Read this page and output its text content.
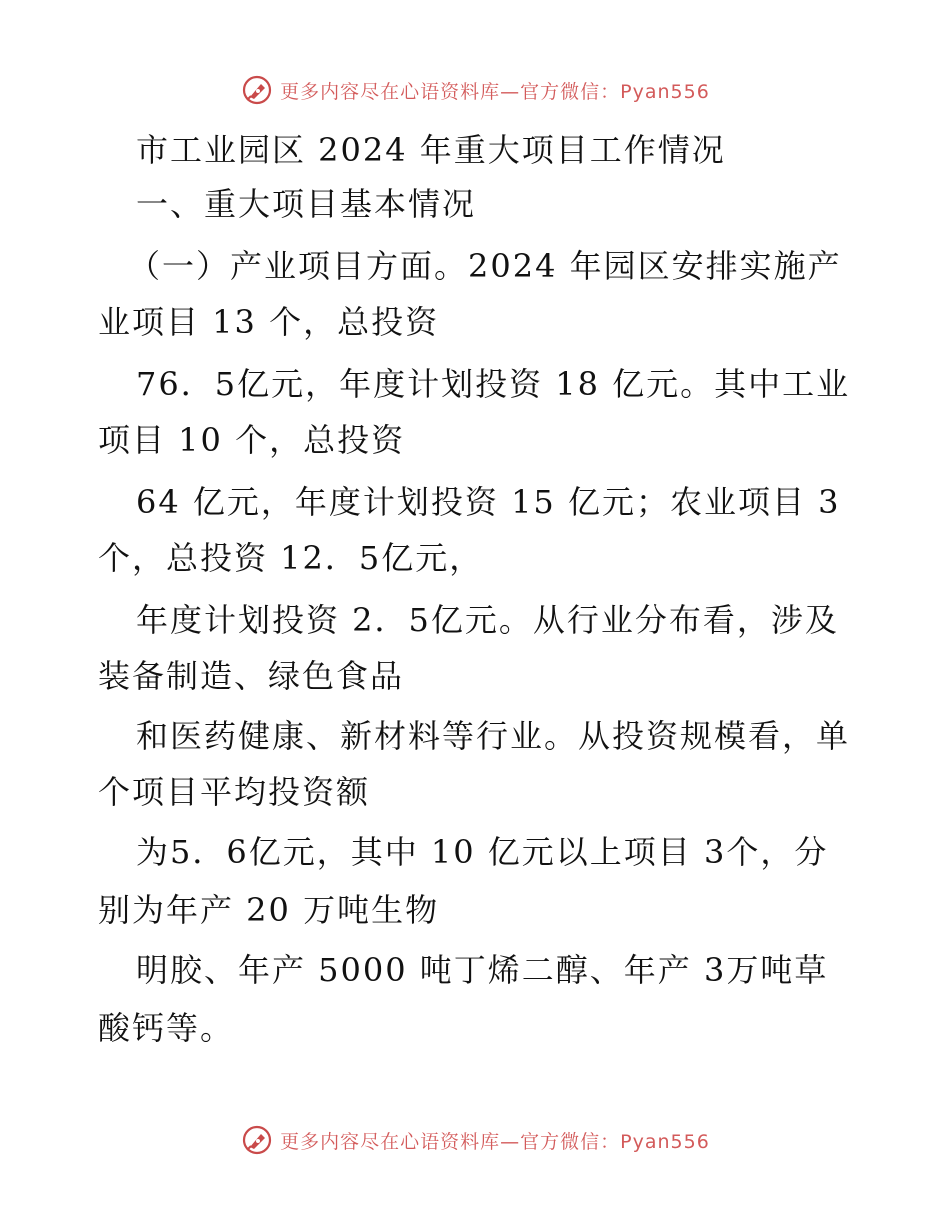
更多内容尽在心语资料库—官方微信：Pyan556
市工业园区 2024 年重大项目工作情况
一、重大项目基本情况
（一）产业项目方面。2024 年园区安排实施产
业项目 13 个，总投资
76．5亿元，年度计划投资 18 亿元。其中工业
项目 10 个，总投资
64 亿元，年度计划投资 15 亿元；农业项目 3
个，总投资 12．5亿元，
年度计划投资 2．5亿元。从行业分布看，涉及
装备制造、绿色食品
和医药健康、新材料等行业。从投资规模看，单
个项目平均投资额
为5．6亿元，其中 10 亿元以上项目 3个，分
别为年产 20 万吨生物
明胶、年产 5000 吨丁烯二醇、年产 3万吨草
酸钙等。
更多内容尽在心语资料库—官方微信：Pyan556
